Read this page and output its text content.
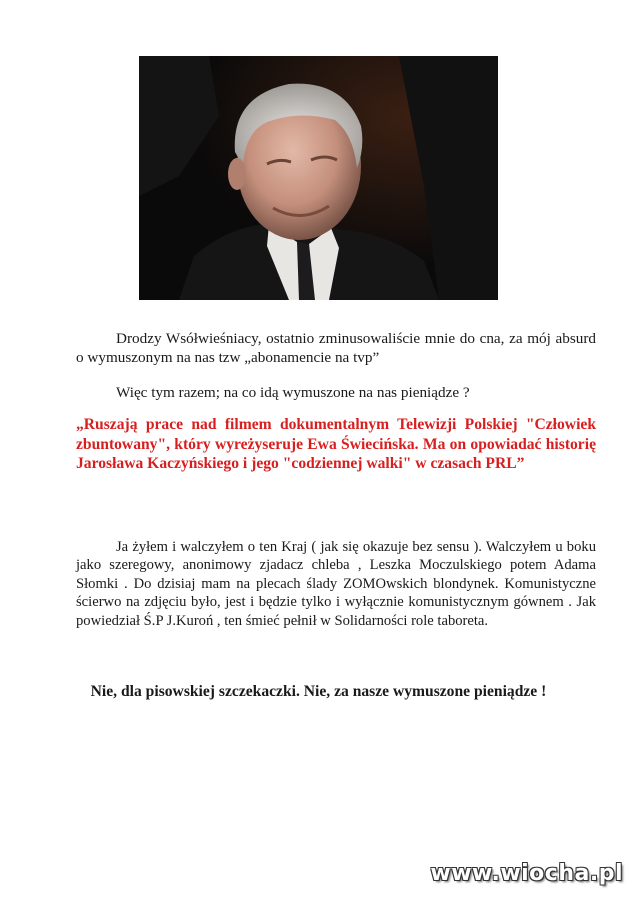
Drodzy Wsółwieśniacy, ostatnio zminusowaliście mnie do cna, za mój absurd o wymuszonym na nas tzw „abonamencie na tvp”

Więc tym razem; na co idą wymuszone na nas pieniądze ?

„Ruszają prace nad filmem dokumentalnym Telewizji Polskiej "Człowiek zbuntowany", który wyreżyseruje Ewa Świecińska. Ma on opowiadać historię Jarosława Kaczyńskiego i jego "codziennej walki" w czasach PRL”

Ja żyłem i walczyłem o ten Kraj ( jak się okazuje bez sensu ). Walczyłem u boku jako szeregowy, anonimowy zjadacz chleba , Leszka Moczulskiego potem Adama Słomki . Do dzisiaj mam na plecach ślady ZOMOwskich blondynek. Komunistyczne ścierwo na zdjęciu było, jest i będzie tylko i wyłącznie komunistycznym gównem . Jak powiedział Ś.P J.Kuroń , ten śmieć pełnił w Solidarności role taboreta.

Nie, dla pisowskiej szczekaczki. Nie, za nasze wymuszone pieniądze !

www.wiocha.pl
